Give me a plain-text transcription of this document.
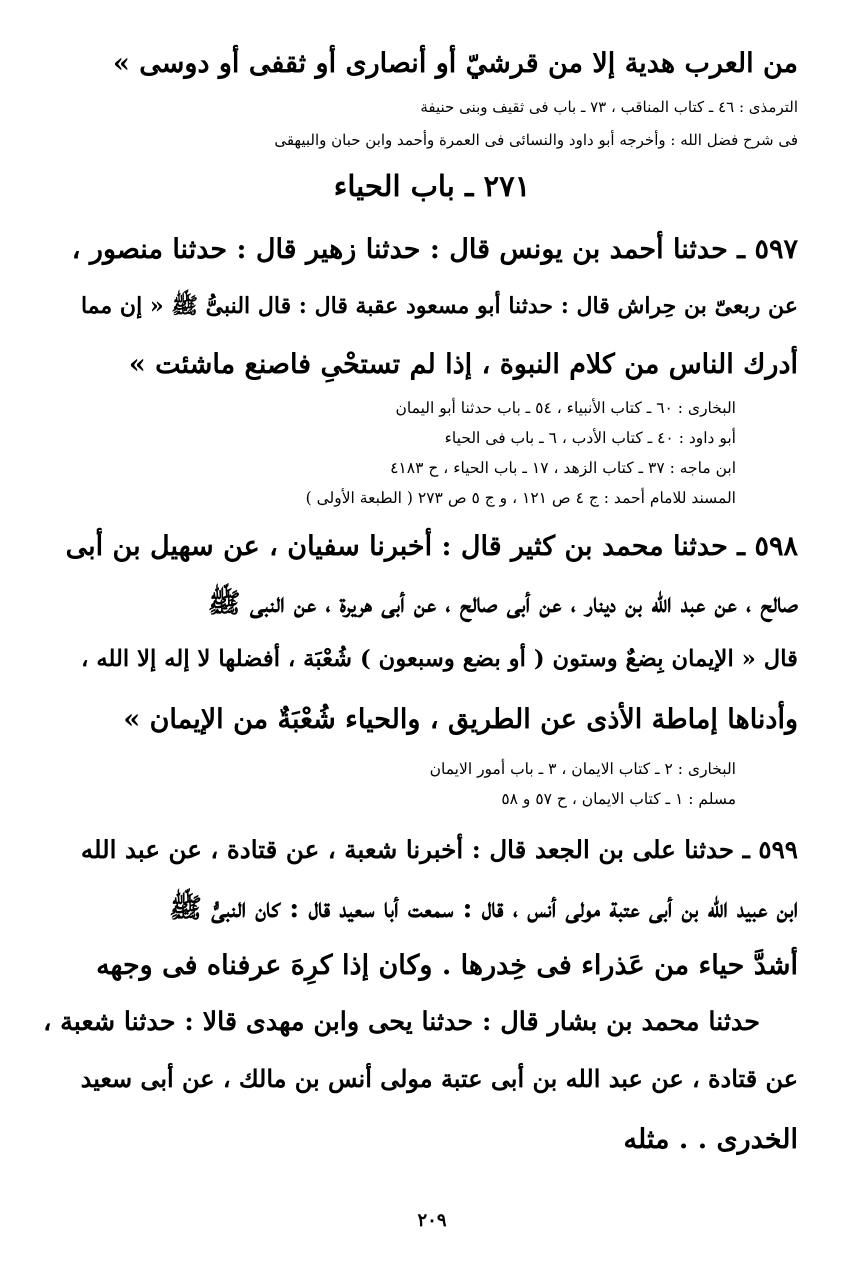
من العرب هدية إلا من قرشيّ أو أنصارى أو ثقفى أو دوسى »
الترمذى : ٤٦ ـ كتاب المناقب ، ٧٣ ـ باب فى ثقيف وبنى حنيفة
فى شرح فضل الله : وأخرجه أبو داود والنسائى فى العمرة وأحمد وابن حبان والبيهقى
٢٧١ ـ باب الحياء
٥٩٧ ـ حدثنا أحمد بن يونس قال : حدثنا زهير قال : حدثنا منصور ،
عن ربعىّ بن حِراش قال : حدثنا أبو مسعود عقبة قال : قال النبىُّ ﷺ « إن مما
أدرك الناس من كلام النبوة ، إذا لم تستحْىِ فاصنع ماشئت »
البخارى : ٦٠ ـ كتاب الأنبياء ، ٥٤ ـ باب حدثنا أبو اليمان
أبو داود : ٤٠ ـ كتاب الأدب ، ٦ ـ باب فى الحياء
ابن ماجه : ٣٧ ـ كتاب الزهد ، ١٧ ـ باب الحياء ، ح ٤١٨٣
المسند للامام أحمد : ج ٤ ص ١٢١ ، و ج ٥ ص ٢٧٣ ( الطبعة الأولى )
٥٩٨ ـ حدثنا محمد بن كثير قال : أخبرنا سفيان ، عن سهيل بن أبى
صالح ، عن عبد الله بن دينار ، عن أبى صالح ، عن أبى هريرة ، عن النبى ﷺ
قال « الإيمان بِضعٌ وستون ( أو بضع وسبعون ) شُعْبَة ، أفضلها لا إله إلا الله ،
وأدناها إماطة الأذى عن الطريق ، والحياء شُعْبَةٌ من الإيمان »
البخارى : ٢ ـ كتاب الايمان ، ٣ ـ باب أمور الايمان
مسلم : ١ ـ كتاب الايمان ، ح ٥٧ و ٥٨
٥٩٩ ـ حدثنا على بن الجعد قال : أخبرنا شعبة ، عن قتادة ، عن عبد الله
ابن عبيد الله بن أبى عتبة مولى أنس ، قال : سمعت أبا سعيد قال : كان النبىُّ ﷺ
أشدَّ حياء من عَذراء فى خِدرها . وكان إذا كرِهَ عرفناه فى وجهه
حدثنا محمد بن بشار قال : حدثنا يحى وابن مهدى قالا : حدثنا شعبة ،
عن قتادة ، عن عبد الله بن أبى عتبة مولى أنس بن مالك ، عن أبى سعيد
الخدرى . . مثله
٢٠٩
